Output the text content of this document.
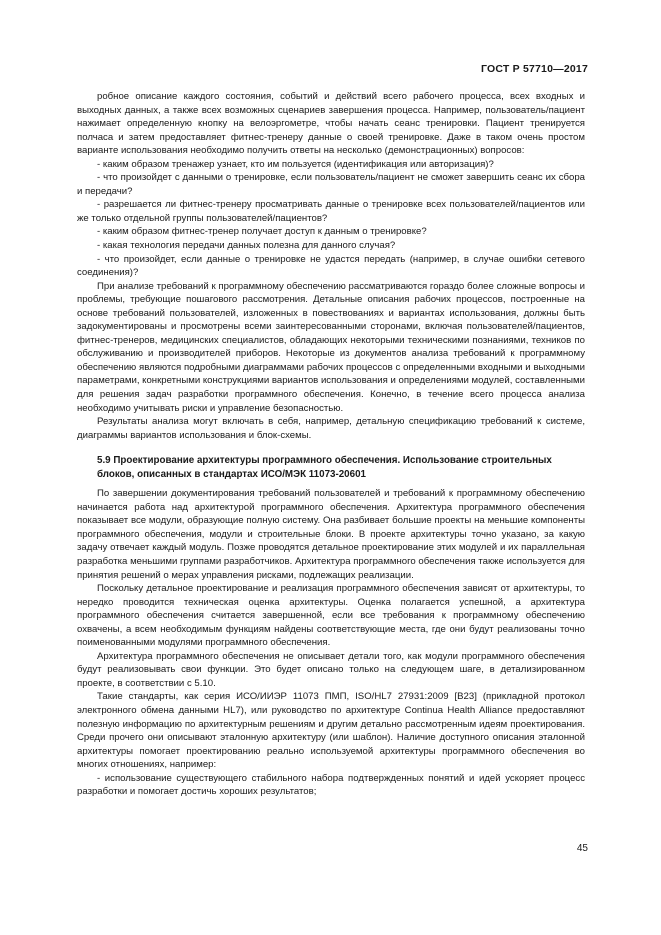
ГОСТ Р 57710—2017

робное описание каждого состояния, событий и действий всего рабочего процесса, всех входных и выходных данных, а также всех возможных сценариев завершения процесса. Например, пользователь/пациент нажимает определенную кнопку на велоэргометре, чтобы начать сеанс тренировки. Пациент тренируется полчаса и затем предоставляет фитнес-тренеру данные о своей тренировке. Даже в таком очень простом варианте использования необходимо получить ответы на несколько (демонстрационных) вопросов:

- каким образом тренажер узнает, кто им пользуется (идентификация или авторизация)?

- что произойдет с данными о тренировке, если пользователь/пациент не сможет завершить сеанс их сбора и передачи?

- разрешается ли фитнес-тренеру просматривать данные о тренировке всех пользователей/пациентов или же только отдельной группы пользователей/пациентов?

- каким образом фитнес-тренер получает доступ к данным о тренировке?

- какая технология передачи данных полезна для данного случая?

- что произойдет, если данные о тренировке не удастся передать (например, в случае ошибки сетевого соединения)?

При анализе требований к программному обеспечению рассматриваются гораздо более сложные вопросы и проблемы, требующие пошагового рассмотрения. Детальные описания рабочих процессов, построенные на основе требований пользователей, изложенных в повествованиях и вариантах использования, должны быть задокументированы и просмотрены всеми заинтересованными сторонами, включая пользователей/пациентов, фитнес-тренеров, медицинских специалистов, обладающих некоторыми техническими познаниями, техников по обслуживанию и производителей приборов. Некоторые из документов анализа требований к программному обеспечению являются подробными диаграммами рабочих процессов с определенными входными и выходными параметрами, конкретными конструкциями вариантов использования и определениями модулей, составленными для решения задач разработки программного обеспечения. Конечно, в течение всего процесса анализа необходимо учитывать риски и управление безопасностью.

Результаты анализа могут включать в себя, например, детальную спецификацию требований к системе, диаграммы вариантов использования и блок-схемы.

5.9 Проектирование архитектуры программного обеспечения. Использование строительных блоков, описанных в стандартах ИСО/МЭК 11073-20601

По завершении документирования требований пользователей и требований к программному обеспечению начинается работа над архитектурой программного обеспечения. Архитектура программного обеспечения показывает все модули, образующие полную систему. Она разбивает большие проекты на меньшие компоненты программного обеспечения, модули и строительные блоки. В проекте архитектуры точно указано, за какую задачу отвечает каждый модуль. Позже проводятся детальное проектирование этих модулей и их параллельная разработка меньшими группами разработчиков. Архитектура программного обеспечения также используется для принятия решений о мерах управления рисками, подлежащих реализации.

Поскольку детальное проектирование и реализация программного обеспечения зависят от архитектуры, то нередко проводится техническая оценка архитектуры. Оценка полагается успешной, а архитектура программного обеспечения считается завершенной, если все требования к программному обеспечению охвачены, а всем необходимым функциям найдены соответствующие места, где они будут реализованы точно поименованными модулями программного обеспечения.

Архитектура программного обеспечения не описывает детали того, как модули программного обеспечения будут реализовывать свои функции. Это будет описано только на следующем шаге, в детализированном проекте, в соответствии с 5.10.

Такие стандарты, как серия ИСО/ИИЭР 11073 ПМП, ISO/HL7 27931:2009 [B23] (прикладной протокол электронного обмена данными HL7), или руководство по архитектуре Continua Health Alliance предоставляют полезную информацию по архитектурным решениям и другим детально рассмотренным идеям проектирования. Среди прочего они описывают эталонную архитектуру (или шаблон). Наличие доступного описания эталонной архитектуры помогает проектированию реально используемой архитектуры программного обеспечения во многих отношениях, например:

- использование существующего стабильного набора подтвержденных понятий и идей ускоряет процесс разработки и помогает достичь хороших результатов;

45
